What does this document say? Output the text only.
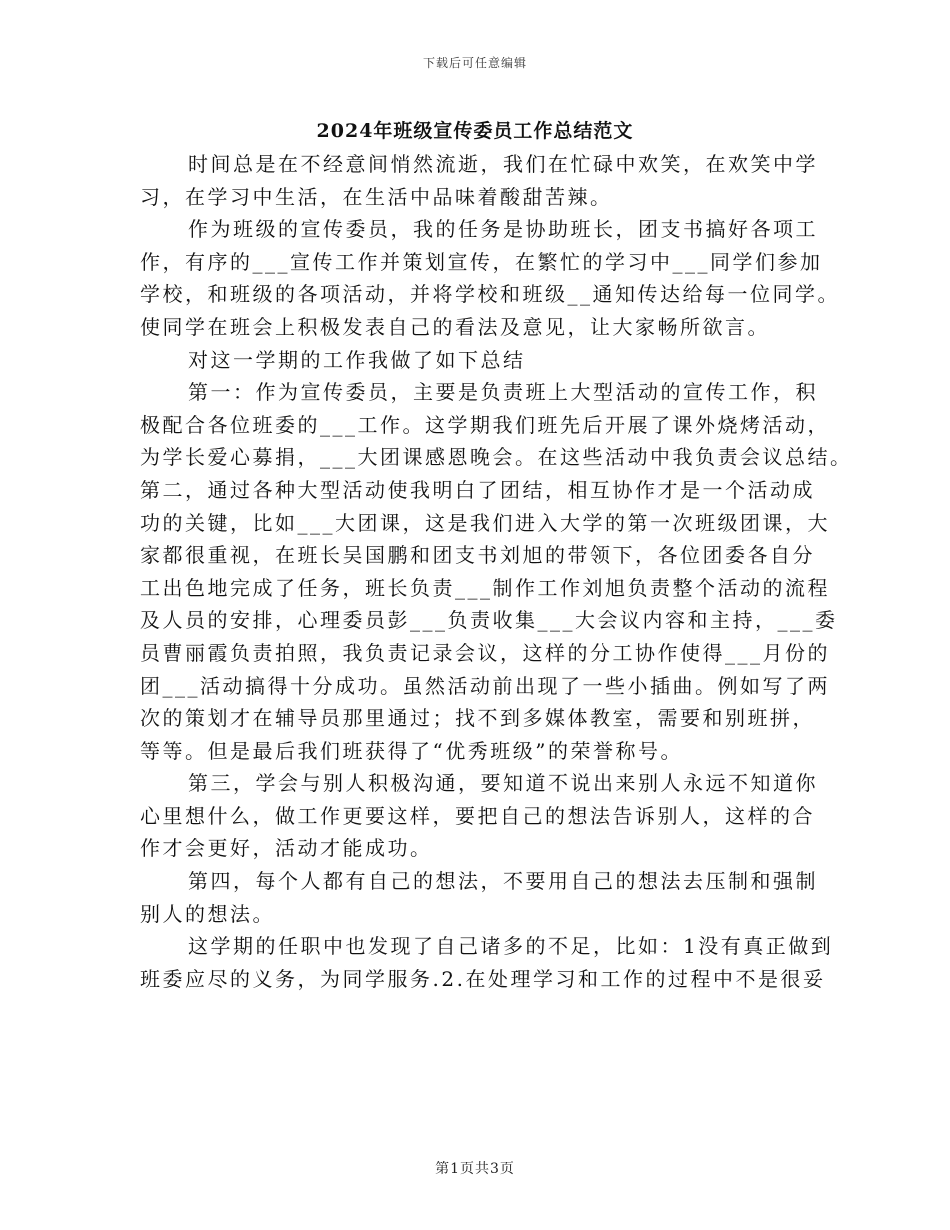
下载后可任意编辑
2024年班级宣传委员工作总结范文
时间总是在不经意间悄然流逝，我们在忙碌中欢笑，在欢笑中学
习，在学习中生活，在生活中品味着酸甜苦辣。
作为班级的宣传委员，我的任务是协助班长，团支书搞好各项工
作，有序的___宣传工作并策划宣传，在繁忙的学习中___同学们参加
学校，和班级的各项活动，并将学校和班级__通知传达给每一位同学。
使同学在班会上积极发表自己的看法及意见，让大家畅所欲言。
对这一学期的工作我做了如下总结
第一：作为宣传委员，主要是负责班上大型活动的宣传工作，积
极配合各位班委的___工作。这学期我们班先后开展了课外烧烤活动，
为学长爱心募捐，___大团课感恩晚会。在这些活动中我负责会议总结。
第二，通过各种大型活动使我明白了团结，相互协作才是一个活动成
功的关键，比如___大团课，这是我们进入大学的第一次班级团课，大
家都很重视，在班长吴国鹏和团支书刘旭的带领下，各位团委各自分
工出色地完成了任务，班长负责___制作工作刘旭负责整个活动的流程
及人员的安排，心理委员彭___负责收集___大会议内容和主持，___委
员曹丽霞负责拍照，我负责记录会议，这样的分工协作使得___月份的
团___活动搞得十分成功。虽然活动前出现了一些小插曲。例如写了两
次的策划才在辅导员那里通过；找不到多媒体教室，需要和别班拼，
等等。但是最后我们班获得了“优秀班级”的荣誉称号。
第三，学会与别人积极沟通，要知道不说出来别人永远不知道你
心里想什么，做工作更要这样，要把自己的想法告诉别人，这样的合
作才会更好，活动才能成功。
第四，每个人都有自己的想法，不要用自己的想法去压制和强制
别人的想法。
这学期的任职中也发现了自己诸多的不足，比如：1没有真正做到
班委应尽的义务，为同学服务.2.在处理学习和工作的过程中不是很妥
第1页共3页
